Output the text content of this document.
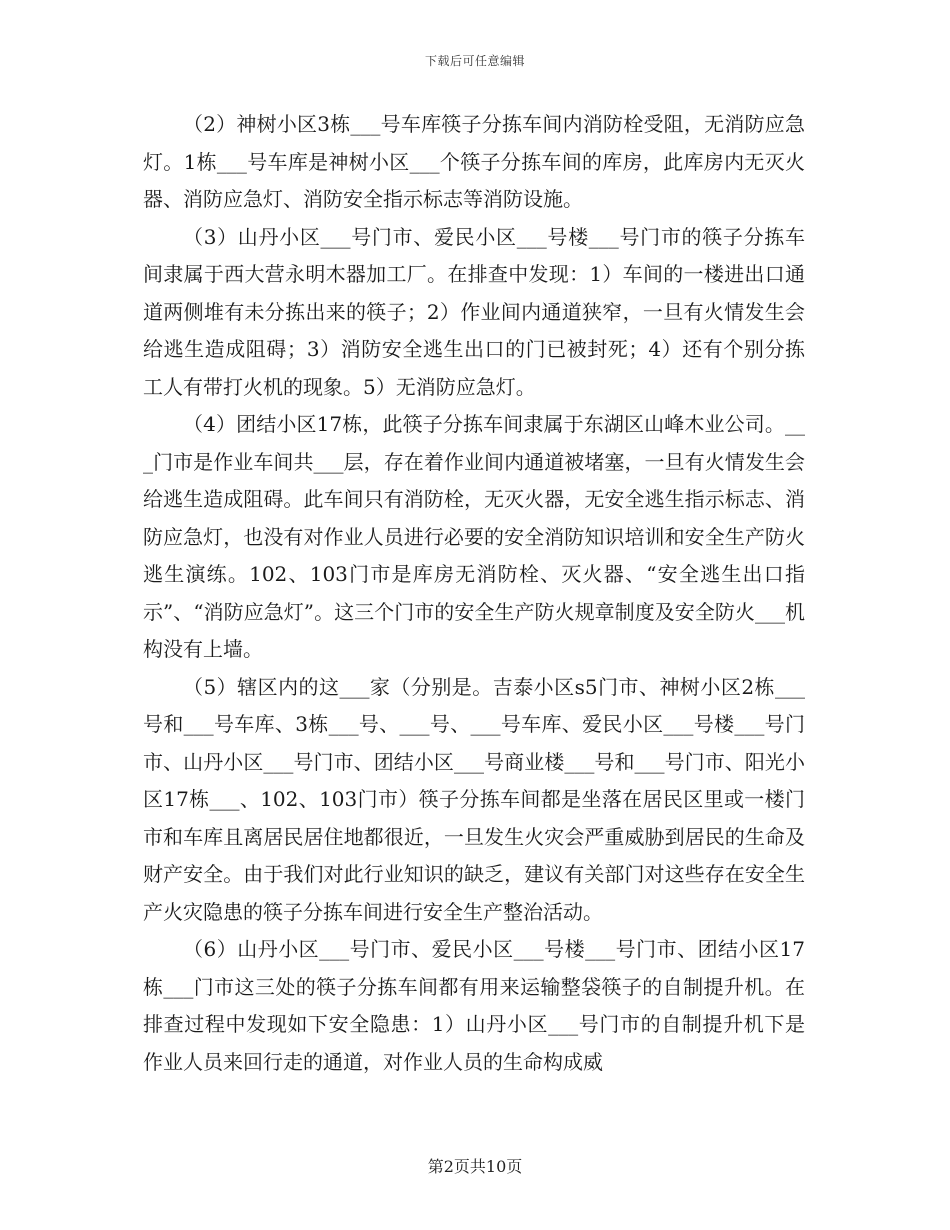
下载后可任意编辑

（2）神树小区3栋___号车库筷子分拣车间内消防栓受阻，无消防应急灯。1栋___号车库是神树小区___个筷子分拣车间的库房，此库房内无灭火器、消防应急灯、消防安全指示标志等消防设施。

（3）山丹小区___号门市、爱民小区___号楼___号门市的筷子分拣车间隶属于西大营永明木器加工厂。在排查中发现：1）车间的一楼进出口通道两侧堆有未分拣出来的筷子；2）作业间内通道狭窄，一旦有火情发生会给逃生造成阻碍；3）消防安全逃生出口的门已被封死；4）还有个别分拣工人有带打火机的现象。5）无消防应急灯。

（4）团结小区17栋，此筷子分拣车间隶属于东湖区山峰木业公司。___门市是作业车间共___层，存在着作业间内通道被堵塞，一旦有火情发生会给逃生造成阻碍。此车间只有消防栓，无灭火器，无安全逃生指示标志、消防应急灯，也没有对作业人员进行必要的安全消防知识培训和安全生产防火逃生演练。102、103门市是库房无消防栓、灭火器、“安全逃生出口指示”、“消防应急灯”。这三个门市的安全生产防火规章制度及安全防火___机构没有上墙。

（5）辖区内的这___家（分别是。吉泰小区s5门市、神树小区2栋___号和___号车库、3栋___号、___号、___号车库、爱民小区___号楼___号门市、山丹小区___号门市、团结小区___号商业楼___号和___号门市、阳光小区17栋___、102、103门市）筷子分拣车间都是坐落在居民区里或一楼门市和车库且离居民居住地都很近，一旦发生火灾会严重威胁到居民的生命及财产安全。由于我们对此行业知识的缺乏，建议有关部门对这些存在安全生产火灾隐患的筷子分拣车间进行安全生产整治活动。

（6）山丹小区___号门市、爱民小区___号楼___号门市、团结小区17栋___门市这三处的筷子分拣车间都有用来运输整袋筷子的自制提升机。在排查过程中发现如下安全隐患：1）山丹小区___号门市的自制提升机下是作业人员来回行走的通道，对作业人员的生命构成威

第2页共10页
